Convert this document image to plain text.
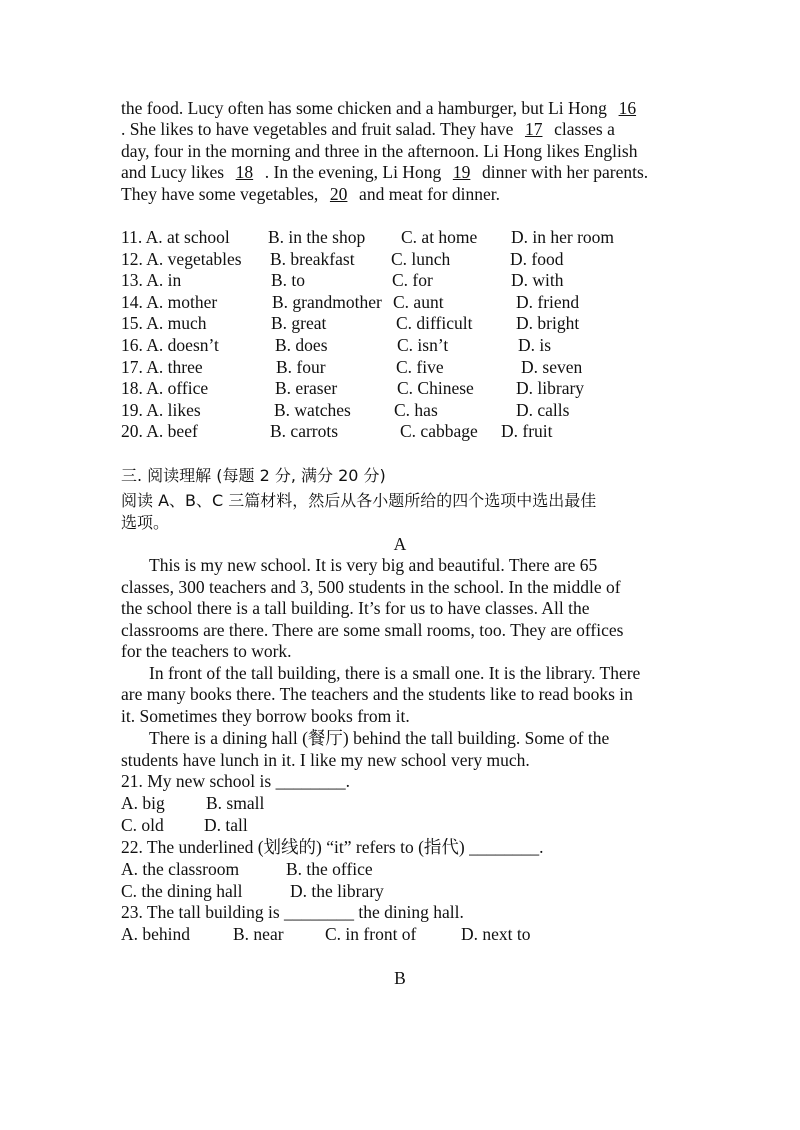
the food. Lucy often has some chicken and a hamburger, but Li Hong 16
. She likes to have vegetables and fruit salad. They have 17 classes a
day, four in the morning and three in the afternoon. Li Hong likes English
and Lucy likes 18 . In the evening, Li Hong 19 dinner with her parents.
They have some vegetables, 20 and meat for dinner.
11. A. at school B. in the shop C. at home D. in her room
12. A. vegetables B. breakfast C. lunch	D. food
13. A. in	B. to	C. for	D. with
14. A. mother	B. grandmother C. aunt	D. friend
15. A. much	B. great	C. difficult D. bright
16. A. doesn’t	B. does	C. isn’t	D. is
17. A. three	B. four	C. five	D. seven
18. A. office	B. eraser	C. Chinese D. library
19. A. likes	B. watches C. has	D. calls
20. A. beef	B. carrots	C. cabbage D. fruit
三. 阅读理解 (每题 2 分, 满分 20 分)
阅读 A、B、C 三篇材料，然后从各小题所给的四个选项中选出最佳
选项。
A
This is my new school. It is very big and beautiful. There are 65
classes, 300 teachers and 3, 500 students in the school. In the middle of
the school there is a tall building. It’s for us to have classes. All the
classrooms are there. There are some small rooms, too. They are offices
for the teachers to work.
In front of the tall building, there is a small one. It is the library. There
are many books there. The teachers and the students like to read books in
it. Sometimes they borrow books from it.
There is a dining hall (餐厅) behind the tall building. Some of the
students have lunch in it. I like my new school very much.
21. My new school is ________.
A. big B. small
C. old D. tall
22. The underlined (划线的) “it” refers to (指代) ________.
A. the classroom	B. the office
C. the dining hall	D. the library
23. The tall building is ________ the dining hall.
A. behind B. near C. in front of	D. next to
B
